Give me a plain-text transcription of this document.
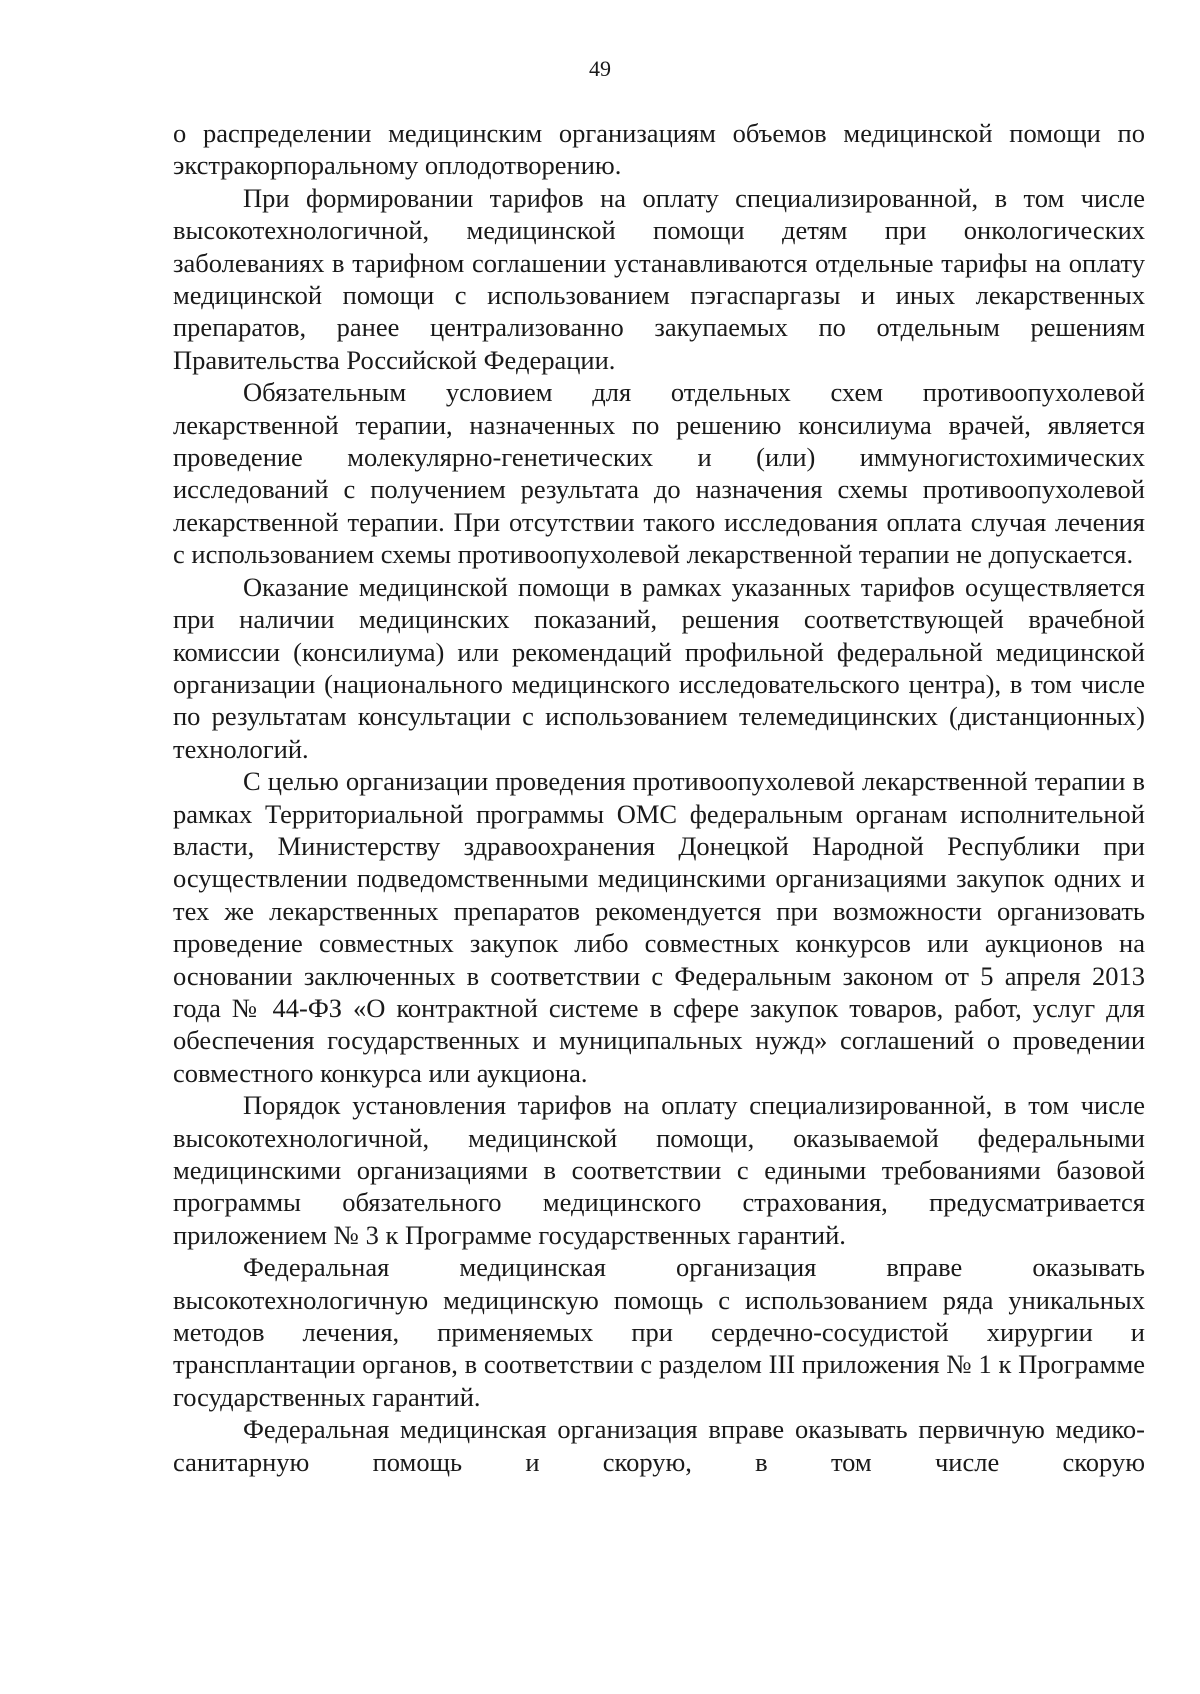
49

о распределении медицинским организациям объемов медицинской помощи по экстракорпоральному оплодотворению.

При формировании тарифов на оплату специализированной, в том числе высокотехнологичной, медицинской помощи детям при онкологических заболеваниях в тарифном соглашении устанавливаются отдельные тарифы на оплату медицинской помощи с использованием пэгаспаргазы и иных лекарственных препаратов, ранее централизованно закупаемых по отдельным решениям Правительства Российской Федерации.

Обязательным условием для отдельных схем противоопухолевой лекарственной терапии, назначенных по решению консилиума врачей, является проведение молекулярно-генетических и (или) иммуногистохимических исследований с получением результата до назначения схемы противоопухолевой лекарственной терапии. При отсутствии такого исследования оплата случая лечения с использованием схемы противоопухолевой лекарственной терапии не допускается.

Оказание медицинской помощи в рамках указанных тарифов осуществляется при наличии медицинских показаний, решения соответствующей врачебной комиссии (консилиума) или рекомендаций профильной федеральной медицинской организации (национального медицинского исследовательского центра), в том числе по результатам консультации с использованием телемедицинских (дистанционных) технологий.

С целью организации проведения противоопухолевой лекарственной терапии в рамках Территориальной программы ОМС федеральным органам исполнительной власти, Министерству здравоохранения Донецкой Народной Республики при осуществлении подведомственными медицинскими организациями закупок одних и тех же лекарственных препаратов рекомендуется при возможности организовать проведение совместных закупок либо совместных конкурсов или аукционов на основании заключенных в соответствии с Федеральным законом от 5 апреля 2013 года № 44-ФЗ «О контрактной системе в сфере закупок товаров, работ, услуг для обеспечения государственных и муниципальных нужд» соглашений о проведении совместного конкурса или аукциона.

Порядок установления тарифов на оплату специализированной, в том числе высокотехнологичной, медицинской помощи, оказываемой федеральными медицинскими организациями в соответствии с едиными требованиями базовой программы обязательного медицинского страхования, предусматривается приложением № 3 к Программе государственных гарантий.

Федеральная медицинская организация вправе оказывать высокотехнологичную медицинскую помощь с использованием ряда уникальных методов лечения, применяемых при сердечно-сосудистой хирургии и трансплантации органов, в соответствии с разделом III приложения № 1 к Программе государственных гарантий.

Федеральная медицинская организация вправе оказывать первичную медико-санитарную помощь и скорую, в том числе скорую
